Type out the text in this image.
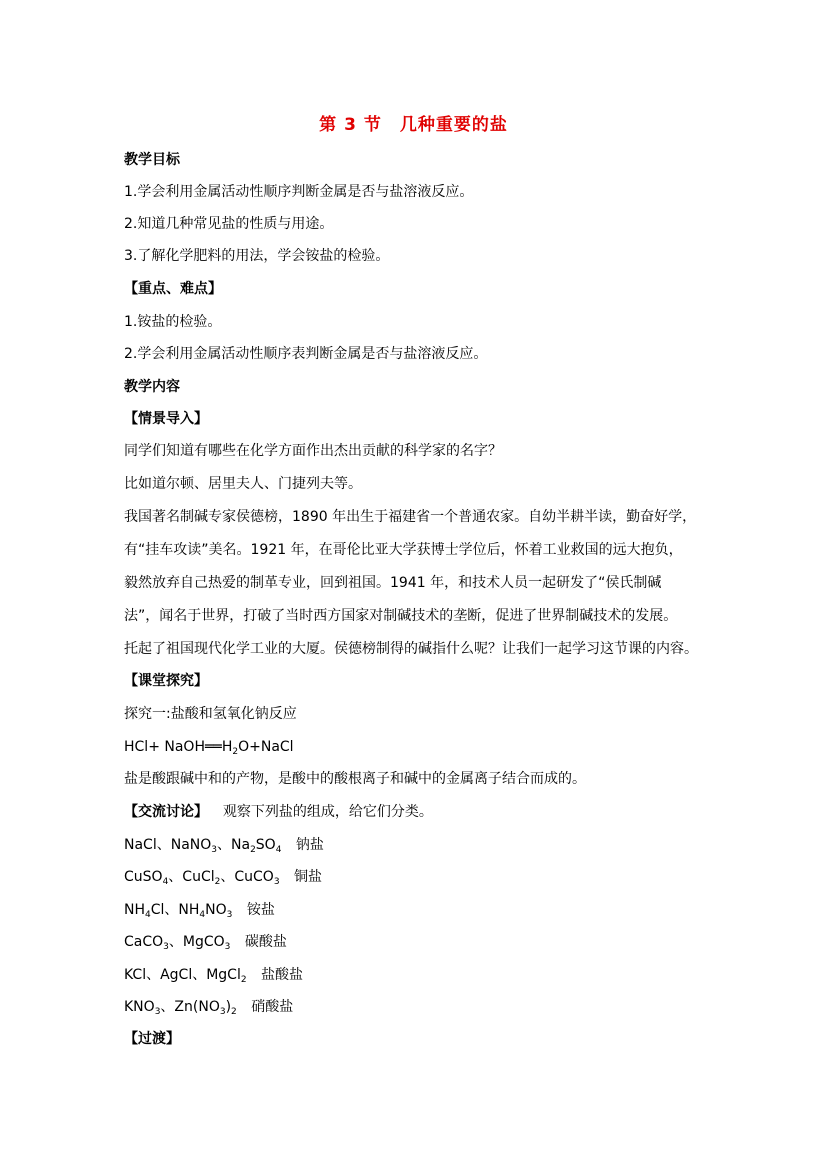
第 3 节　几种重要的盐
教学目标
1.学会利用金属活动性顺序判断金属是否与盐溶液反应。
2.知道几种常见盐的性质与用途。
3.了解化学肥料的用法，学会铵盐的检验。
【重点、难点】
1.铵盐的检验。
2.学会利用金属活动性顺序表判断金属是否与盐溶液反应。
教学内容
【情景导入】
同学们知道有哪些在化学方面作出杰出贡献的科学家的名字？
比如道尔顿、居里夫人、门捷列夫等。
我国著名制碱专家侯德榜，1890 年出生于福建省一个普通农家。自幼半耕半读，勤奋好学，
有“挂车攻读”美名。1921 年，在哥伦比亚大学获博士学位后，怀着工业救国的远大抱负，
毅然放弃自己热爱的制革专业，回到祖国。1941 年，和技术人员一起研发了“侯氏制碱
法”，闻名于世界，打破了当时西方国家对制碱技术的垄断，促进了世界制碱技术的发展。
托起了祖国现代化学工业的大厦。侯德榜制得的碱指什么呢？让我们一起学习这节课的内容。
【课堂探究】
探究一:盐酸和氢氧化钠反应
$HCl+ NaOH══H_2O+NaCl$
盐是酸跟碱中和的产物，是酸中的酸根离子和碱中的金属离子结合而成的。
【交流讨论】 观察下列盐的组成，给它们分类。
NaCl、NaNO$_3$、$Na_2SO_4$ 钠盐
CuSO$_4$、CuCl$_2$、CuCO$_3$ 铜盐
$NH_4Cl$、$NH_4NO_3$ 铵盐
CaCO$_3$、MgCO$_3$ 碳酸盐
KCl、AgCl、MgCl$_2$ 盐酸盐
$KNO_3$、$Zn(NO_3)_2$ 硝酸盐
【过渡】
